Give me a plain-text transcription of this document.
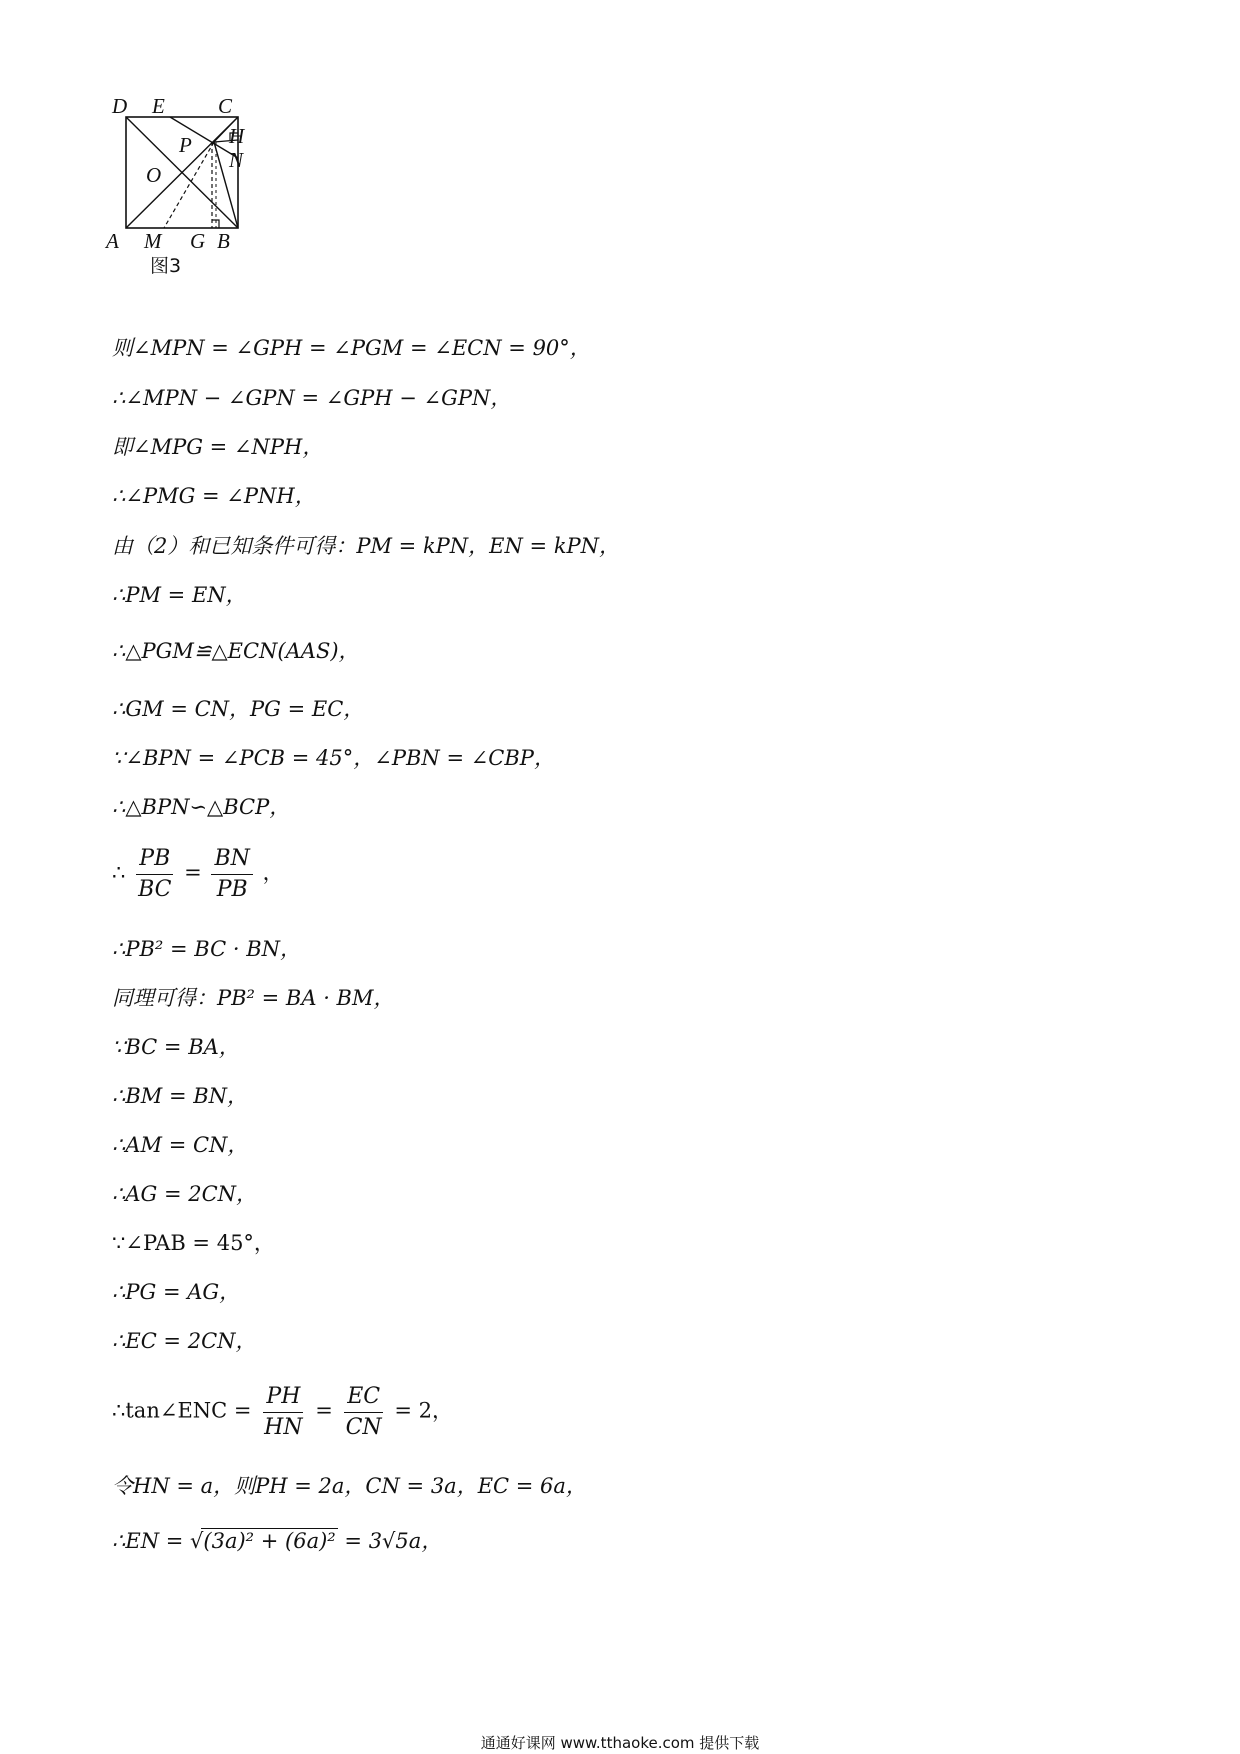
D E	C
H
P
N
O
A M G B
图3
则∠MPN = ∠GPH = ∠PGM = ∠ECN = 90°，
∴∠MPN − ∠GPN = ∠GPH − ∠GPN，
即∠MPG = ∠NPH，
∴∠PMG = ∠PNH，
由（2）和已知条件可得：PM = kPN，EN = kPN，
∴PM = EN，
∴△PGM≌△ECN(AAS)，
∴GM = CN，PG = EC，
∵∠BPN = ∠PCB = 45°，∠PBN = ∠CBP，
∴△BPN∽△BCP，
∴ $\frac{PB}{BC} = \frac{BN}{PB}$ ，
∴PB² = BC · BN，
同理可得：PB² = BA · BM，
∵BC = BA，
∴BM = BN，
∴AM = CN，
∴AG = 2CN，
∵∠PAB = 45°，
∴PG = AG，
∴EC = 2CN，
∴tan∠ENC = $\frac{PH}{HN} = \frac{EC}{CN} = 2$，
令HN = a，则PH = 2a，CN = 3a，EC = 6a，
∴EN = √(3a)² + (6a)² = 3√5a，
通通好课网 www.tthaoke.com 提供下载
